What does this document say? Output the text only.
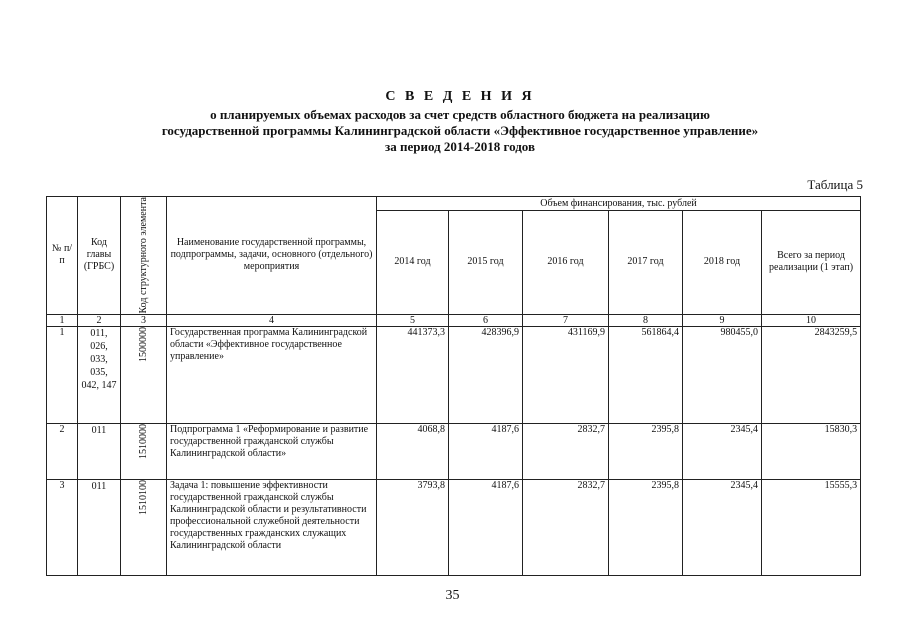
С В Е Д Е Н И Я
о планируемых объемах расходов за счет средств областного бюджета на реализацию
государственной программы Калининградской области «Эффективное государственное управление»
за период 2014-2018 годов
Таблица 5
№ п/п	Код главы (ГРБС)	Код структурного элемента	Наименование государственной программы, подпрограммы, задачи, основного (отдельного) мероприятия	Объем финансирования, тыс. рублей					
				2014 год	2015 год	2016 год	2017 год	2018 год	Всего за период реализации (1 этап)
1	2	3	4	5	6	7	8	9	10
1	011, 026, 033, 035, 042, 147	1500000	Государственная программа Калининградской области «Эффективное государственное управление»	441373,3	428396,9	431169,9	561864,4	980455,0	2843259,5
2	011	1510000	Подпрограмма 1 «Реформирование и развитие государственной гражданской службы Калининградской области»	4068,8	4187,6	2832,7	2395,8	2345,4	15830,3
3	011	1510100	Задача 1: повышение эффективности государственной гражданской службы Калининградской области и результативности профессиональной служебной деятельности государственных гражданских служащих Калининградской области	3793,8	4187,6	2832,7	2395,8	2345,4	15555,3
35
